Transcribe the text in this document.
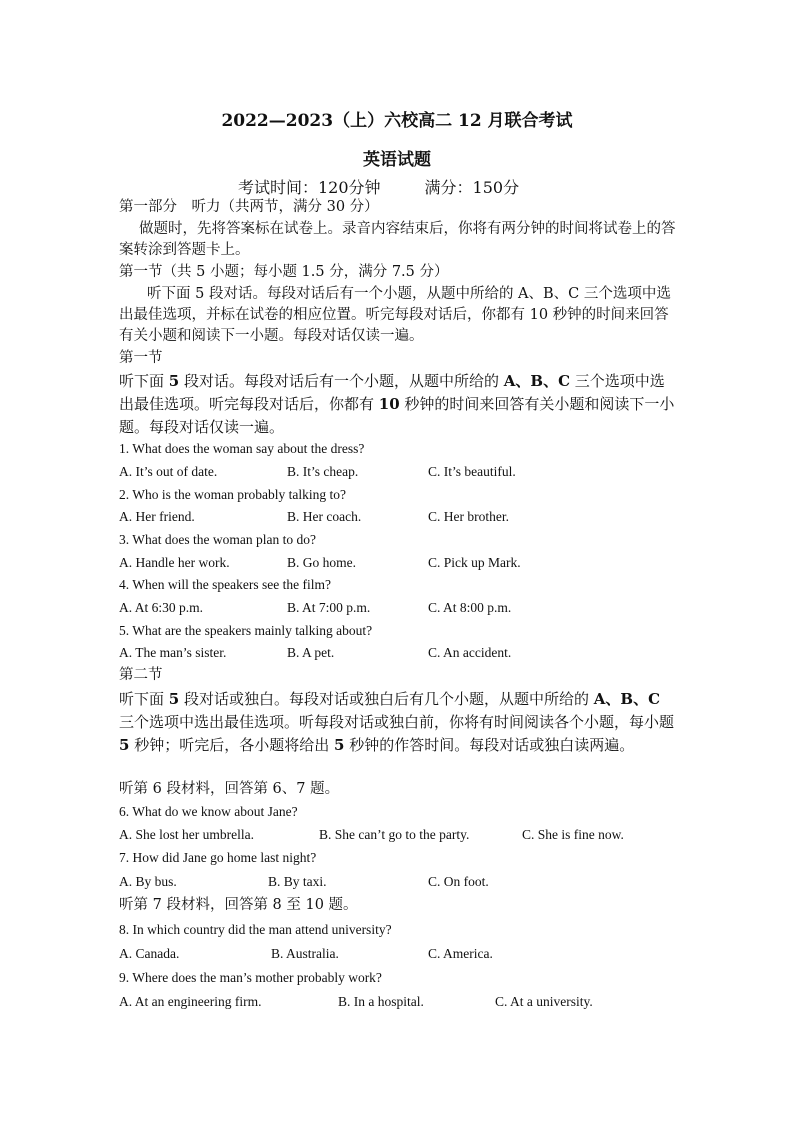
2022—2023（上）六校高二 12 月联合考试
英语试题
考试时间：120分钟	满分：150分
第一部分　听力（共两节，满分 30 分）
做题时，先将答案标在试卷上。录音内容结束后，你将有两分钟的时间将试卷上的答案转涂到答题卡上。
第一节（共 5 小题；每小题 1.5 分，满分 7.5 分）
听下面 5 段对话。每段对话后有一个小题，从题中所给的 A、B、C 三个选项中选出最佳选项，并标在试卷的相应位置。听完每段对话后，你都有 10 秒钟的时间来回答有关小题和阅读下一小题。每段对话仅读一遍。
第一节
听下面 5 段对话。每段对话后有一个小题，从题中所给的 A、B、C 三个选项中选出最佳选项。听完每段对话后，你都有 10 秒钟的时间来回答有关小题和阅读下一小题。每段对话仅读一遍。
1. What does the woman say about the dress?
A. It’s out of date.	B. It’s cheap.	C. It’s beautiful.
2. Who is the woman probably talking to?
A. Her friend.	B. Her coach.	C. Her brother.
3. What does the woman plan to do?
A. Handle her work.	B. Go home.	C. Pick up Mark.
4. When will the speakers see the film?
A. At 6:30 p.m.	B. At 7:00 p.m.	C. At 8:00 p.m.
5. What are the speakers mainly talking about?
A. The man’s sister.	B. A pet.	C. An accident.
第二节
听下面 5 段对话或独白。每段对话或独白后有几个小题，从题中所给的 A、B、C 三个选项中选出最佳选项。听每段对话或独白前，你将有时间阅读各个小题，每小题 5 秒钟；听完后，各小题将给出 5 秒钟的作答时间。每段对话或独白读两遍。
听第 6 段材料，回答第 6、7 题。
6. What do we know about Jane?
A. She lost her umbrella.	B. She can’t go to the party.	C. She is fine now.
7. How did Jane go home last night?
A. By bus.	B. By taxi.	C. On foot.
听第 7 段材料，回答第 8 至 10 题。
8. In which country did the man attend university?
A. Canada.	B. Australia.	C. America.
9. Where does the man’s mother probably work?
A. At an engineering firm.	B. In a hospital.	C. At a university.
